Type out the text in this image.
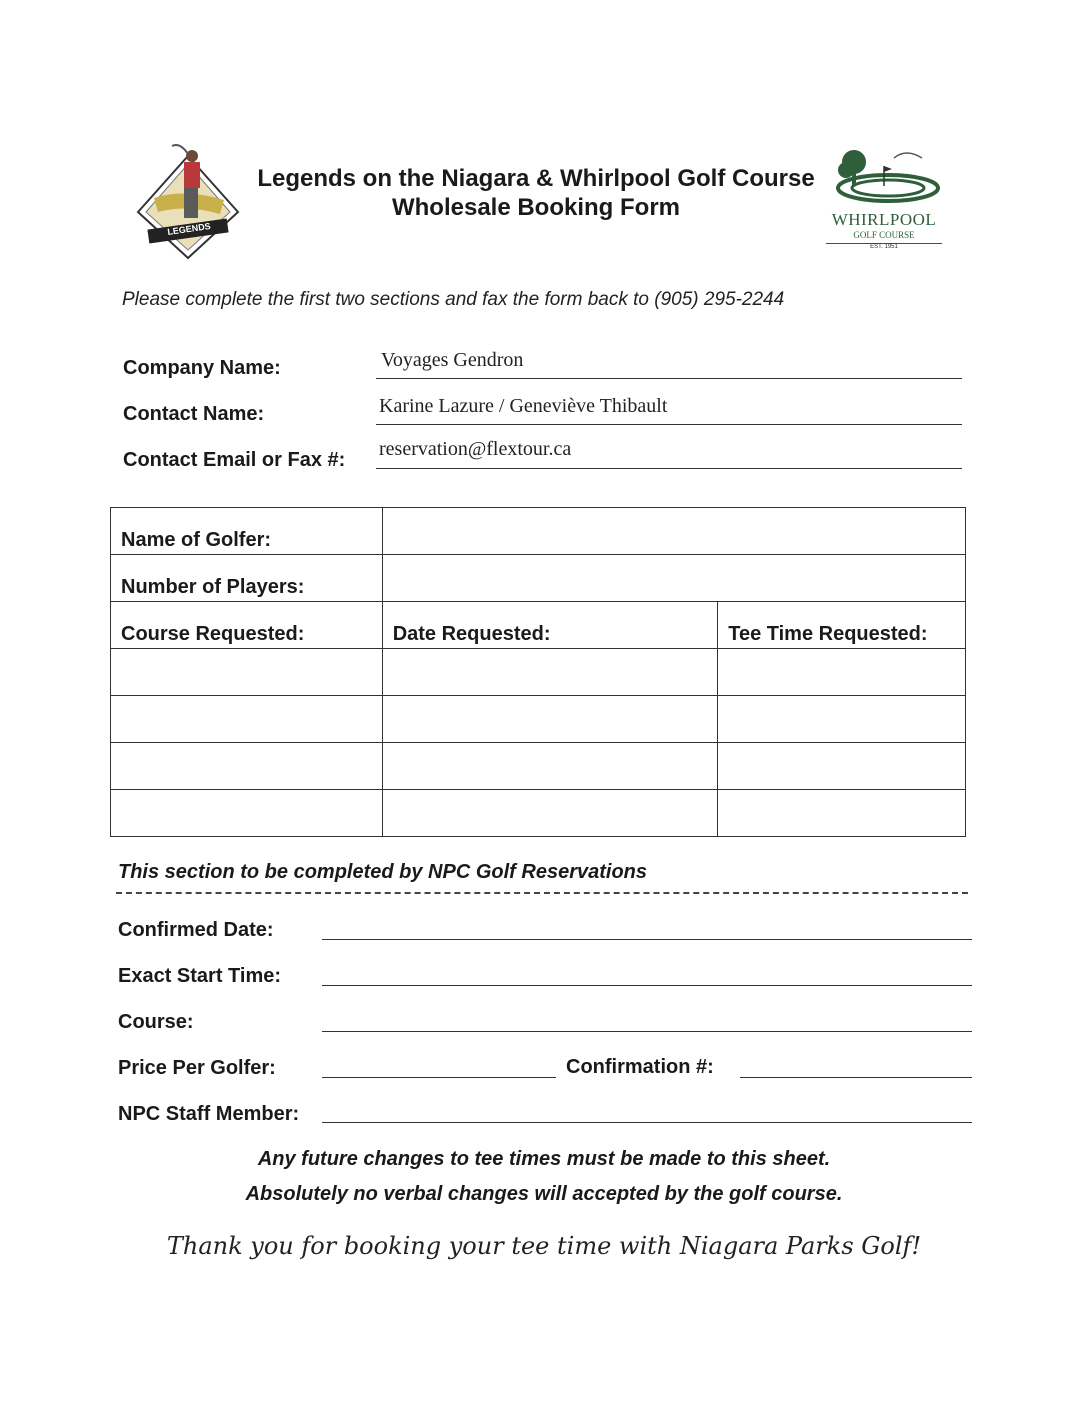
LEGENDS
Legends on the Niagara & Whirlpool Golf Course
Wholesale Booking Form	WHIRLPOOL
GOLF COURSE
EST. 1951
Please complete the first two sections and fax the form back to (905) 295-2244
Company Name:	Voyages Gendron
Contact Name:	Karine Lazure / Geneviève Thibault
Contact Email or Fax #: reservation@flextour.ca
Name of Golfer:		
Number of Players:		
Course Requested:	Date Requested:	Tee Time Requested:

This section to be completed by NPC Golf Reservations
Confirmed Date:
Exact Start Time:
Course:
Price Per Golfer:	Confirmation #:
NPC Staff Member:
Any future changes to tee times must be made to this sheet.
Absolutely no verbal changes will accepted by the golf course.
Thank you for booking your tee time with Niagara Parks Golf!
